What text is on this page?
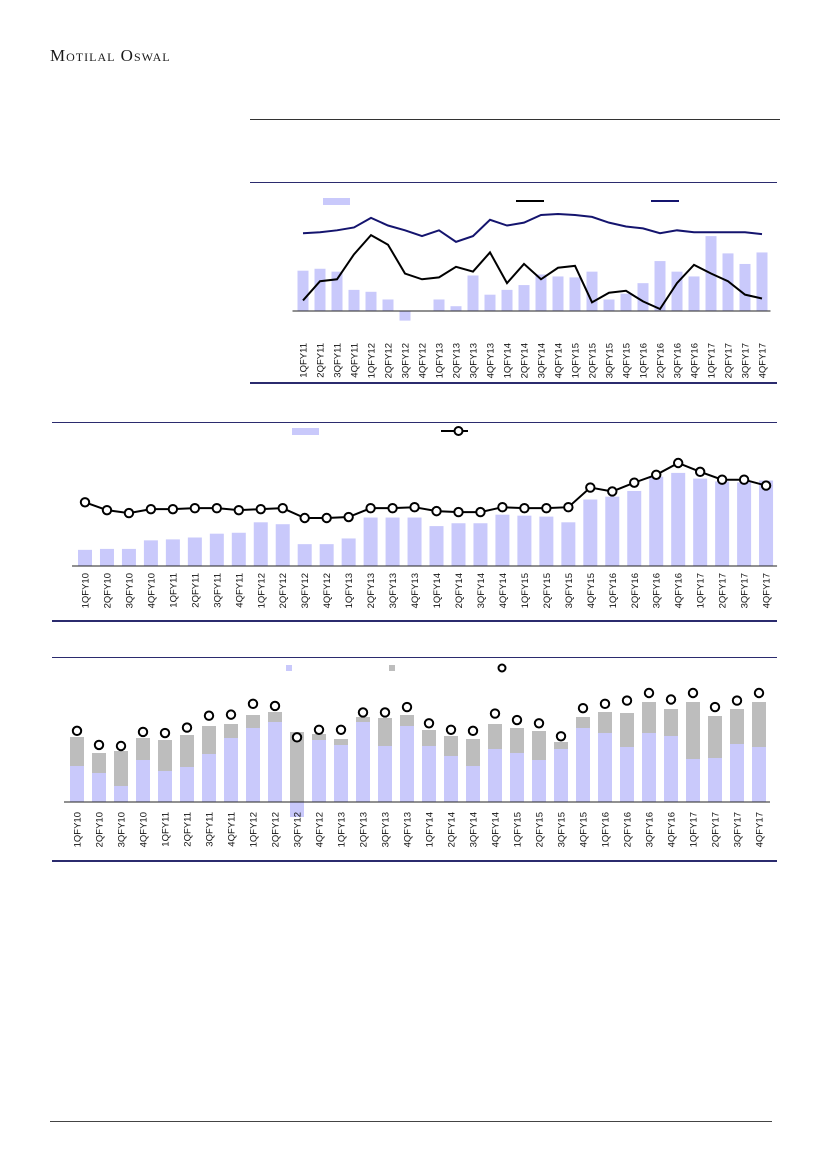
Motilal Oswal
1QFY11 2QFY11 3QFY11 4QFY11 1QFY12 2QFY12 3QFY12 4QFY12 1QFY13 2QFY13 3QFY13 4QFY13 1QFY14 2QFY14 3QFY14 4QFY14 1QFY15 2QFY15 3QFY15 4QFY15 1QFY16 2QFY16 3QFY16 4QFY16 1QFY17 2QFY17 3QFY17 4QFY17
1QFY10 2QFY10 3QFY10 4QFY10 1QFY11 2QFY11 3QFY11 4QFY11 1QFY12 2QFY12 3QFY12 4QFY12 1QFY13 2QFY13 3QFY13 4QFY13 1QFY14 2QFY14 3QFY14 4QFY14 1QFY15 2QFY15 3QFY15 4QFY15 1QFY16 2QFY16 3QFY16 4QFY16 1QFY17 2QFY17 3QFY17 4QFY17
1QFY10 2QFY10 3QFY10 4QFY10 1QFY11 2QFY11 3QFY11 4QFY11 1QFY12 2QFY12 3QFY12 4QFY12 1QFY13 2QFY13 3QFY13 4QFY13 1QFY14 2QFY14 3QFY14 4QFY14 1QFY15 2QFY15 3QFY15 4QFY15 1QFY16 2QFY16 3QFY16 4QFY16 1QFY17 2QFY17 3QFY17 4QFY17
